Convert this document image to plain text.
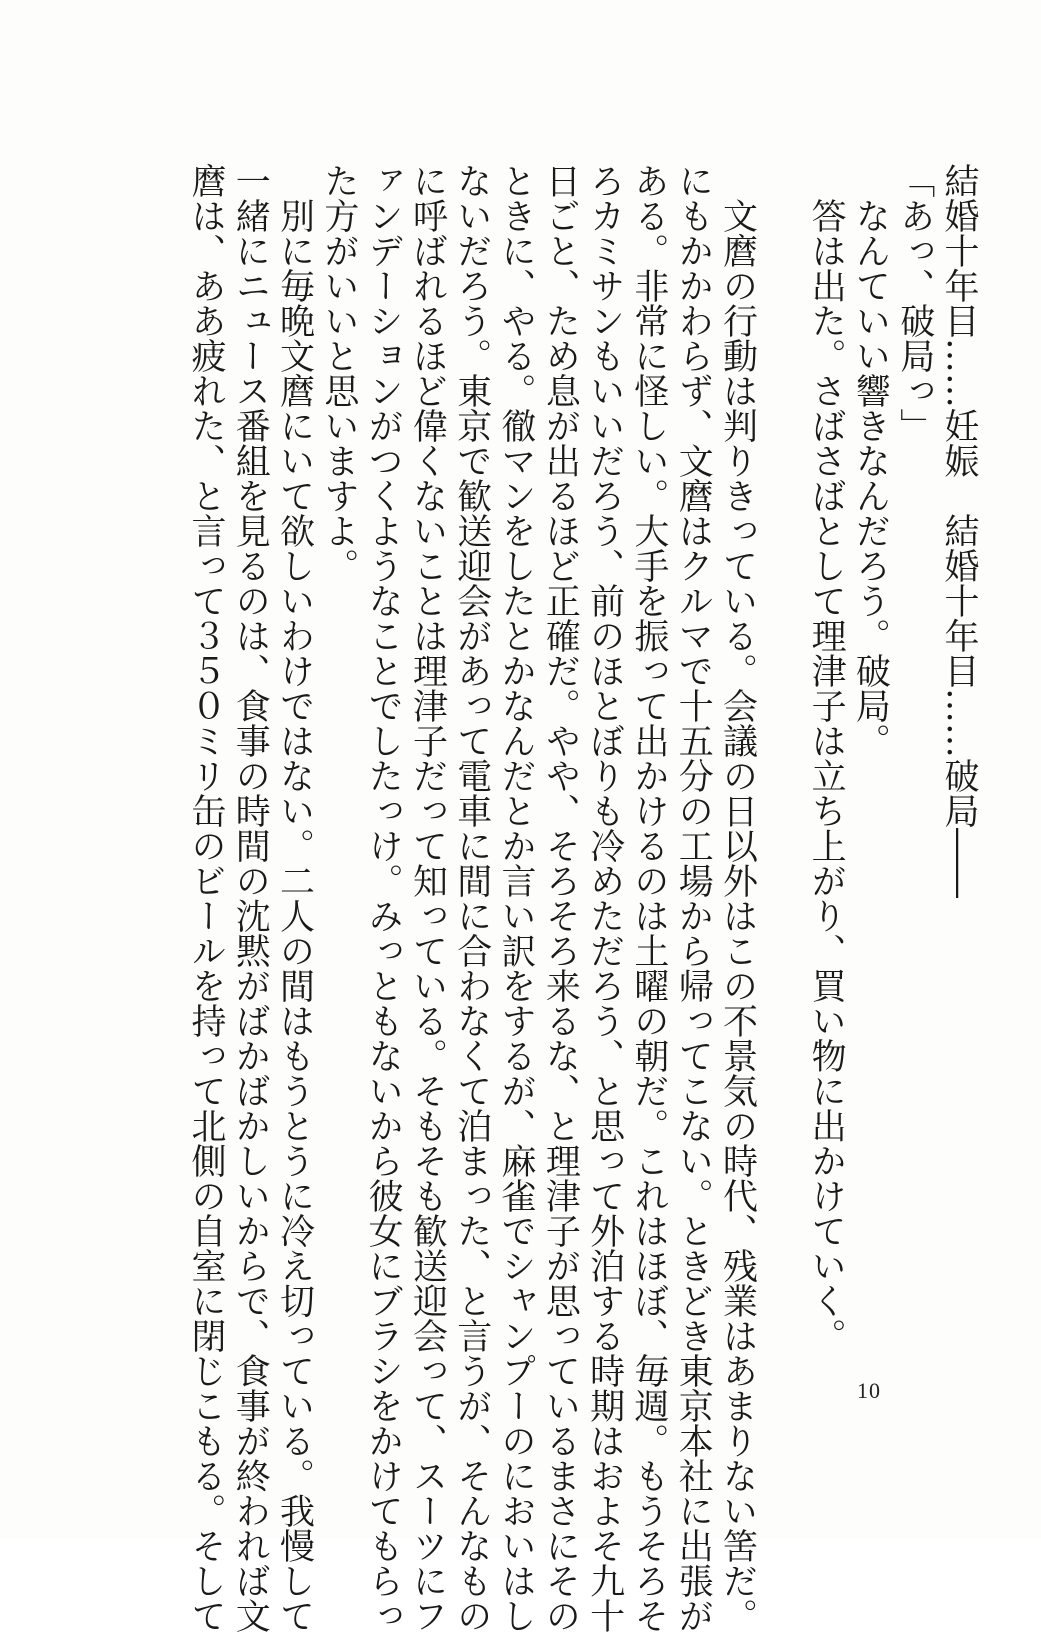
結婚十年目……妊娠　結婚十年目……破局――
「あっ、破局っ」
なんていい響きなんだろう。破局。
答は出た。さばさばとして理津子は立ち上がり、買い物に出かけていく。
文麿の行動は判りきっている。会議の日以外はこの不景気の時代、残業はあまりない筈だ。
にもかかわらず、文麿はクルマで十五分の工場から帰ってこない。ときどき東京本社に出張が
ある。非常に怪しい。大手を振って出かけるのは土曜の朝だ。これはほぼ、毎週。もうそろそ
ろカミサンもいいだろう、前のほとぼりも冷めただろう、と思って外泊する時期はおよそ九十
日ごと、ため息が出るほど正確だ。やや、そろそろ来るな、と理津子が思っているまさにその
ときに、やる。徹マンをしたとかなんだとか言い訳をするが、麻雀でシャンプーのにおいはし
ないだろう。東京で歓送迎会があって電車に間に合わなくて泊まった、と言うが、そんなもの
に呼ばれるほど偉くないことは理津子だって知っている。そもそも歓送迎会って、スーツにフ
ァンデーションがつくようなことでしたっけ。みっともないから彼女にブラシをかけてもらっ
た方がいいと思いますよ。
別に毎晩文麿にいて欲しいわけではない。二人の間はもうとうに冷え切っている。我慢して
一緒にニュース番組を見るのは、食事の時間の沈黙がばかばかしいからで、食事が終われば文
麿は、ああ疲れた、と言って３５０ミリ缶のビールを持って北側の自室に閉じこもる。そして	10
